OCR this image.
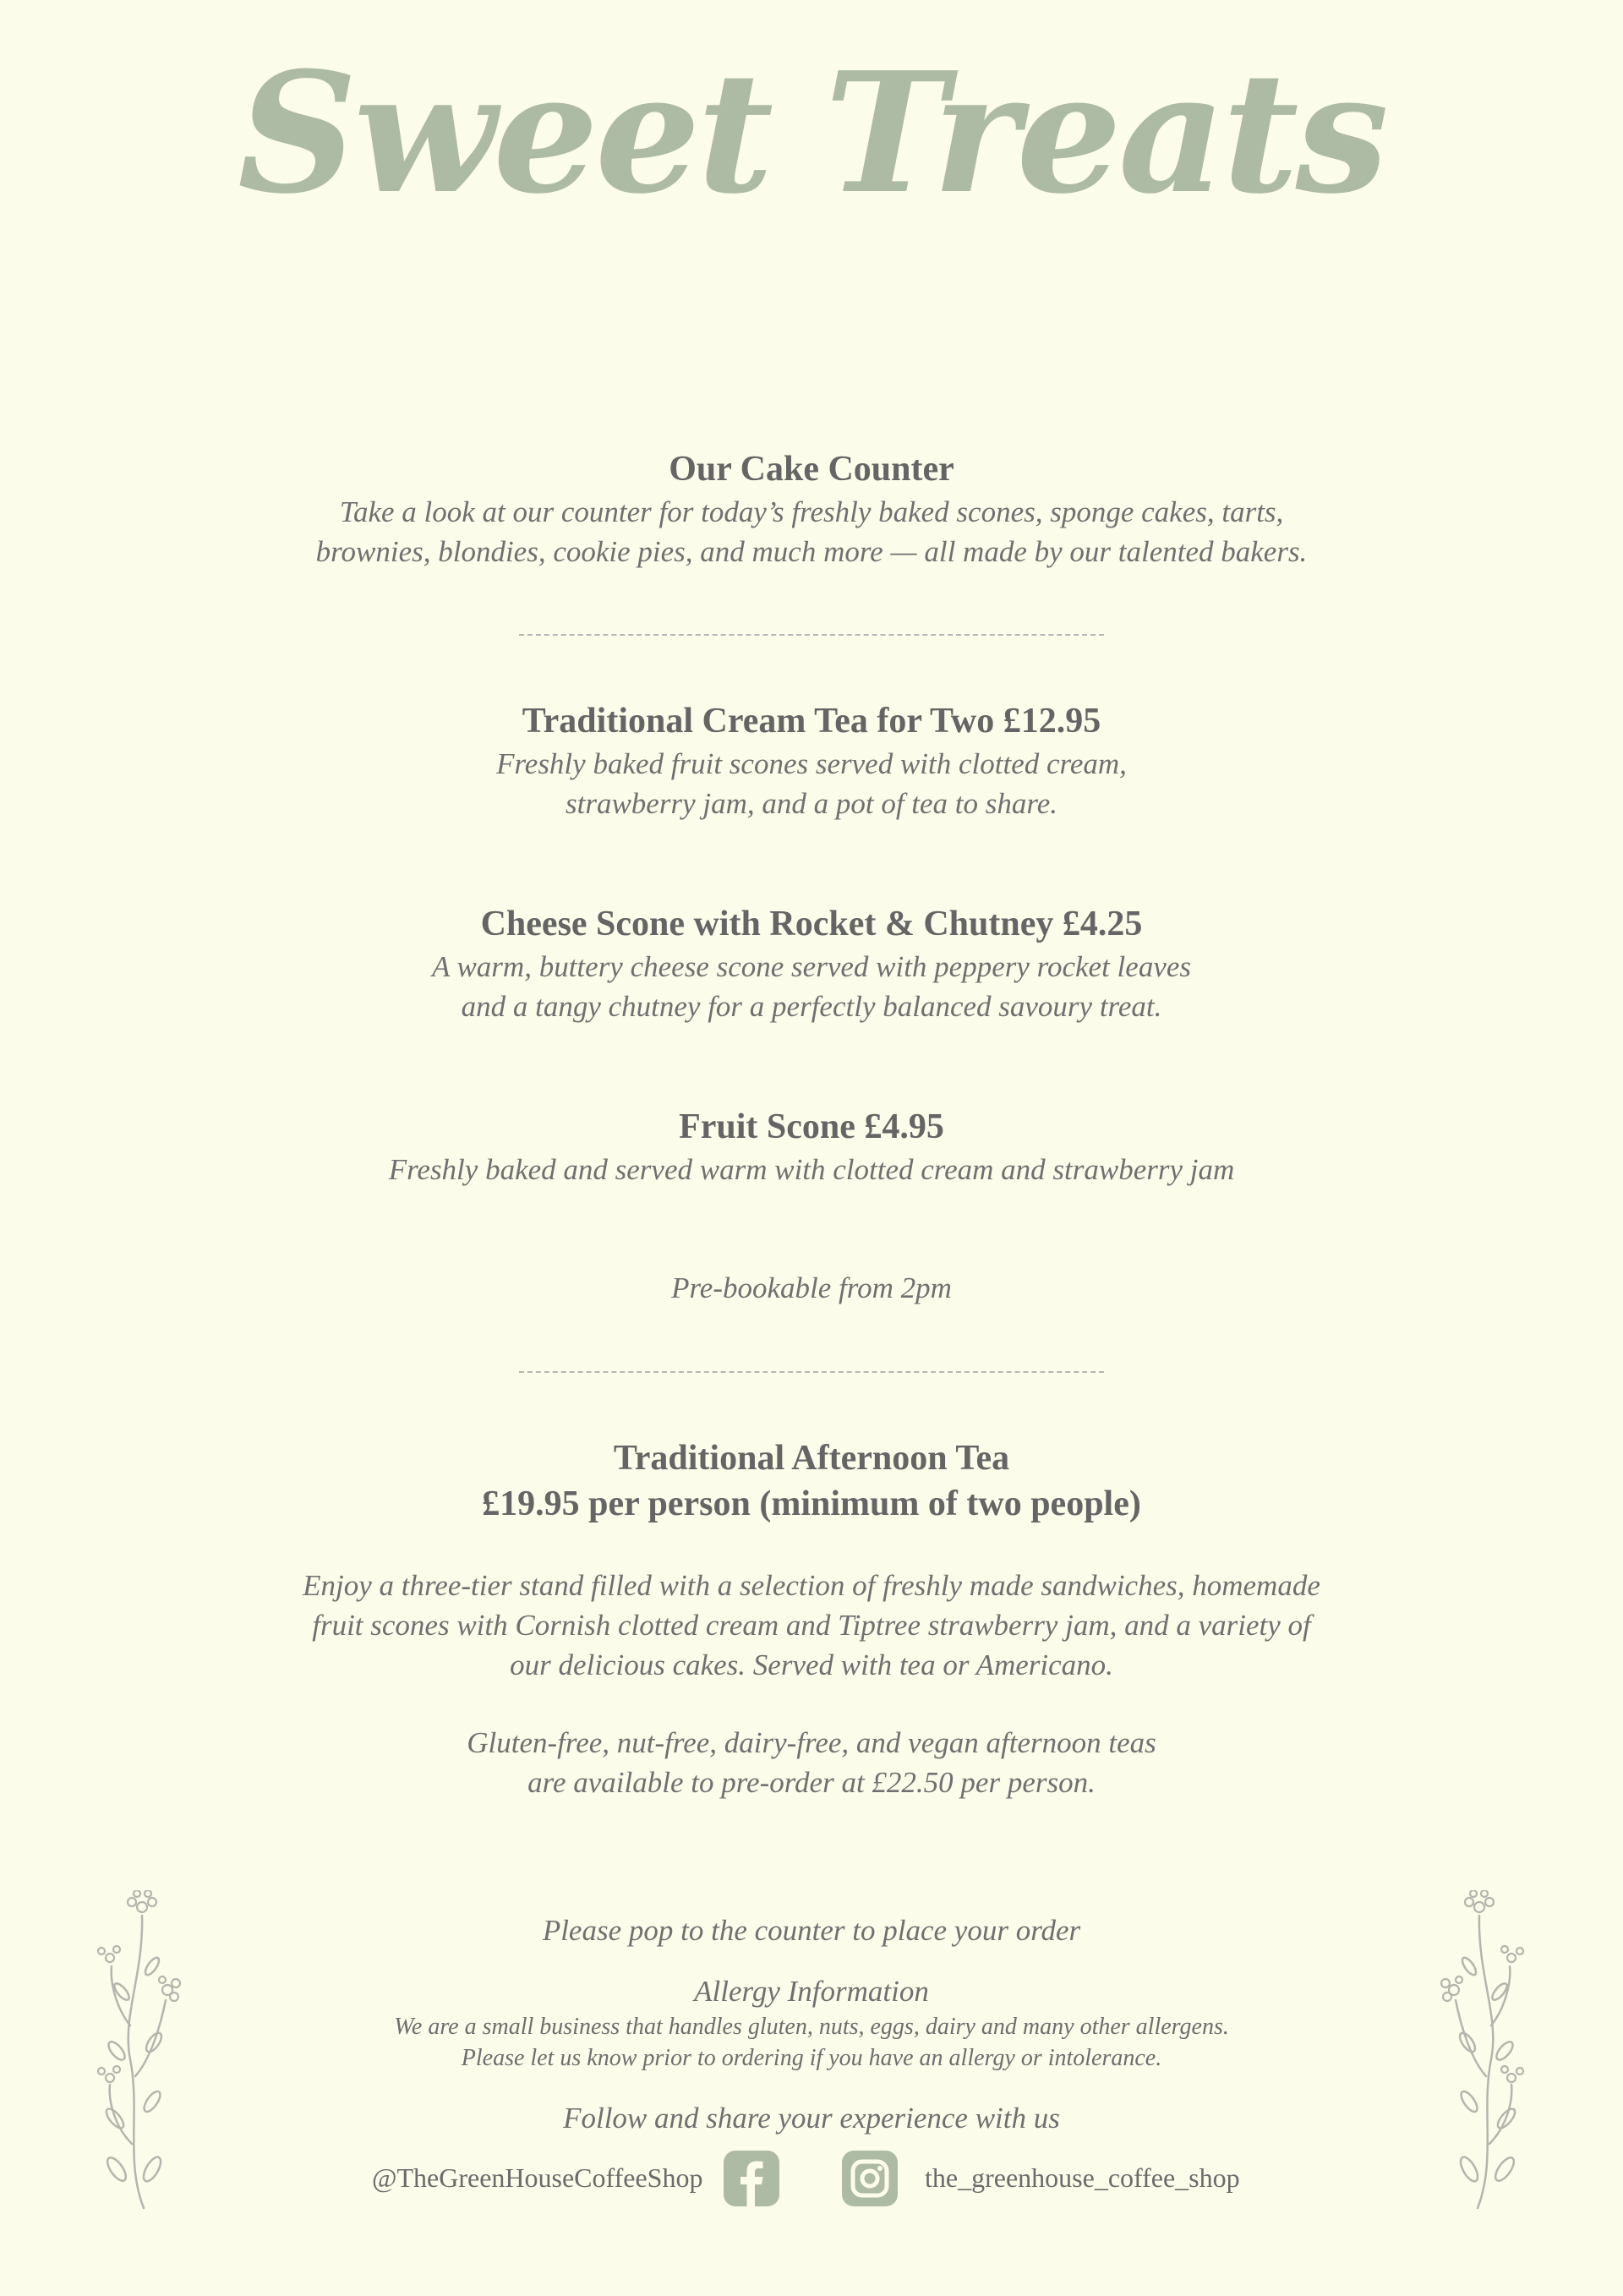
Sweet Treats
Our Cake Counter
Take a look at our counter for today’s freshly baked scones, sponge cakes, tarts,
brownies, blondies, cookie pies, and much more — all made by our talented bakers.
Traditional Cream Tea for Two £12.95
Freshly baked fruit scones served with clotted cream,
strawberry jam, and a pot of tea to share.
Cheese Scone with Rocket & Chutney £4.25
A warm, buttery cheese scone served with peppery rocket leaves
and a tangy chutney for a perfectly balanced savoury treat.
Fruit Scone £4.95
Freshly baked and served warm with clotted cream and strawberry jam
Pre-bookable from 2pm
Traditional Afternoon Tea
£19.95 per person (minimum of two people)
Enjoy a three-tier stand filled with a selection of freshly made sandwiches, homemade
fruit scones with Cornish clotted cream and Tiptree strawberry jam, and a variety of
our delicious cakes. Served with tea or Americano.
Gluten-free, nut-free, dairy-free, and vegan afternoon teas
are available to pre-order at £22.50 per person.
Please pop to the counter to place your order
Allergy Information
We are a small business that handles gluten, nuts, eggs, dairy and many other allergens.
Please let us know prior to ordering if you have an allergy or intolerance.
Follow and share your experience with us
@TheGreenHouseCoffeeShop	the_greenhouse_coffee_shop
